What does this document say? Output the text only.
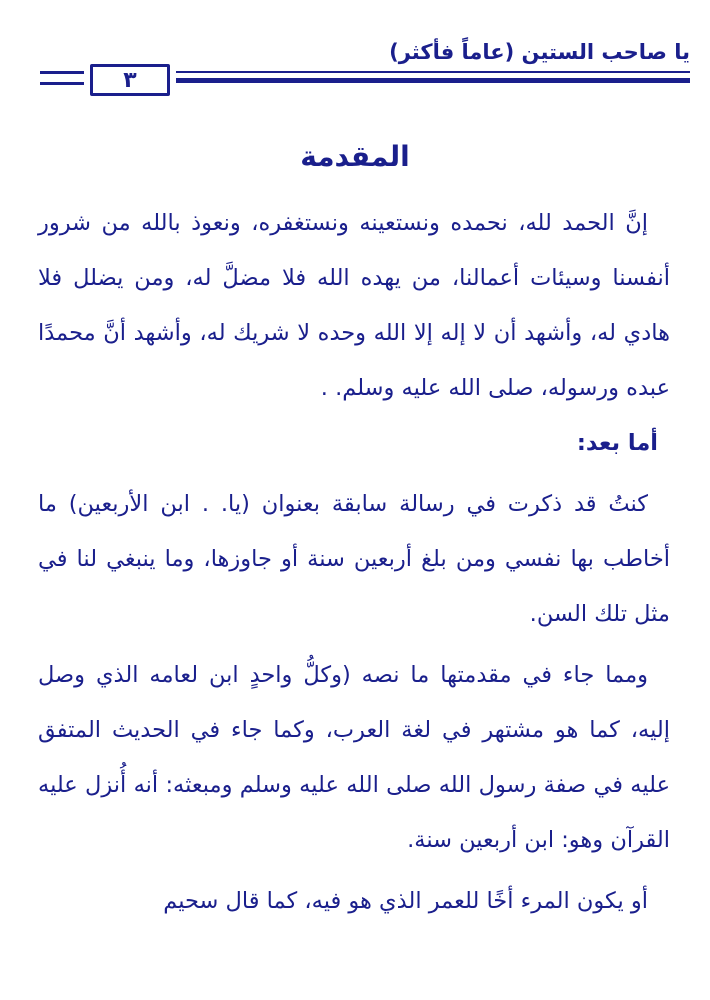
يا صاحب الستين (عاماً فأكثر)
٣
المقدمة

إنَّ الحمد لله، نحمده ونستعينه ونستغفره، ونعوذ بالله من شرور أنفسنا وسيئات أعمالنا، من يهده الله فلا مضلَّ له، ومن يضلل فلا هادي له، وأشهد أن لا إله إلا الله وحده لا شريك له، وأشهد أنَّ محمدًا عبده ورسوله، صلى الله عليه وسلم. .

أما بعد:

كنتُ قد ذكرت في رسالة سابقة بعنوان (يا. . ابن الأربعين) ما أخاطب بها نفسي ومن بلغ أربعين سنة أو جاوزها، وما ينبغي لنا في مثل تلك السن.

ومما جاء في مقدمتها ما نصه (وكلُّ واحدٍ ابن لعامه الذي وصل إليه، كما هو مشتهر في لغة العرب، وكما جاء في الحديث المتفق عليه في صفة رسول الله صلى الله عليه وسلم ومبعثه: أنه أُنزل عليه القرآن وهو: ابن أربعين سنة.

أو يكون المرء أخًا للعمر الذي هو فيه، كما قال سحيم
